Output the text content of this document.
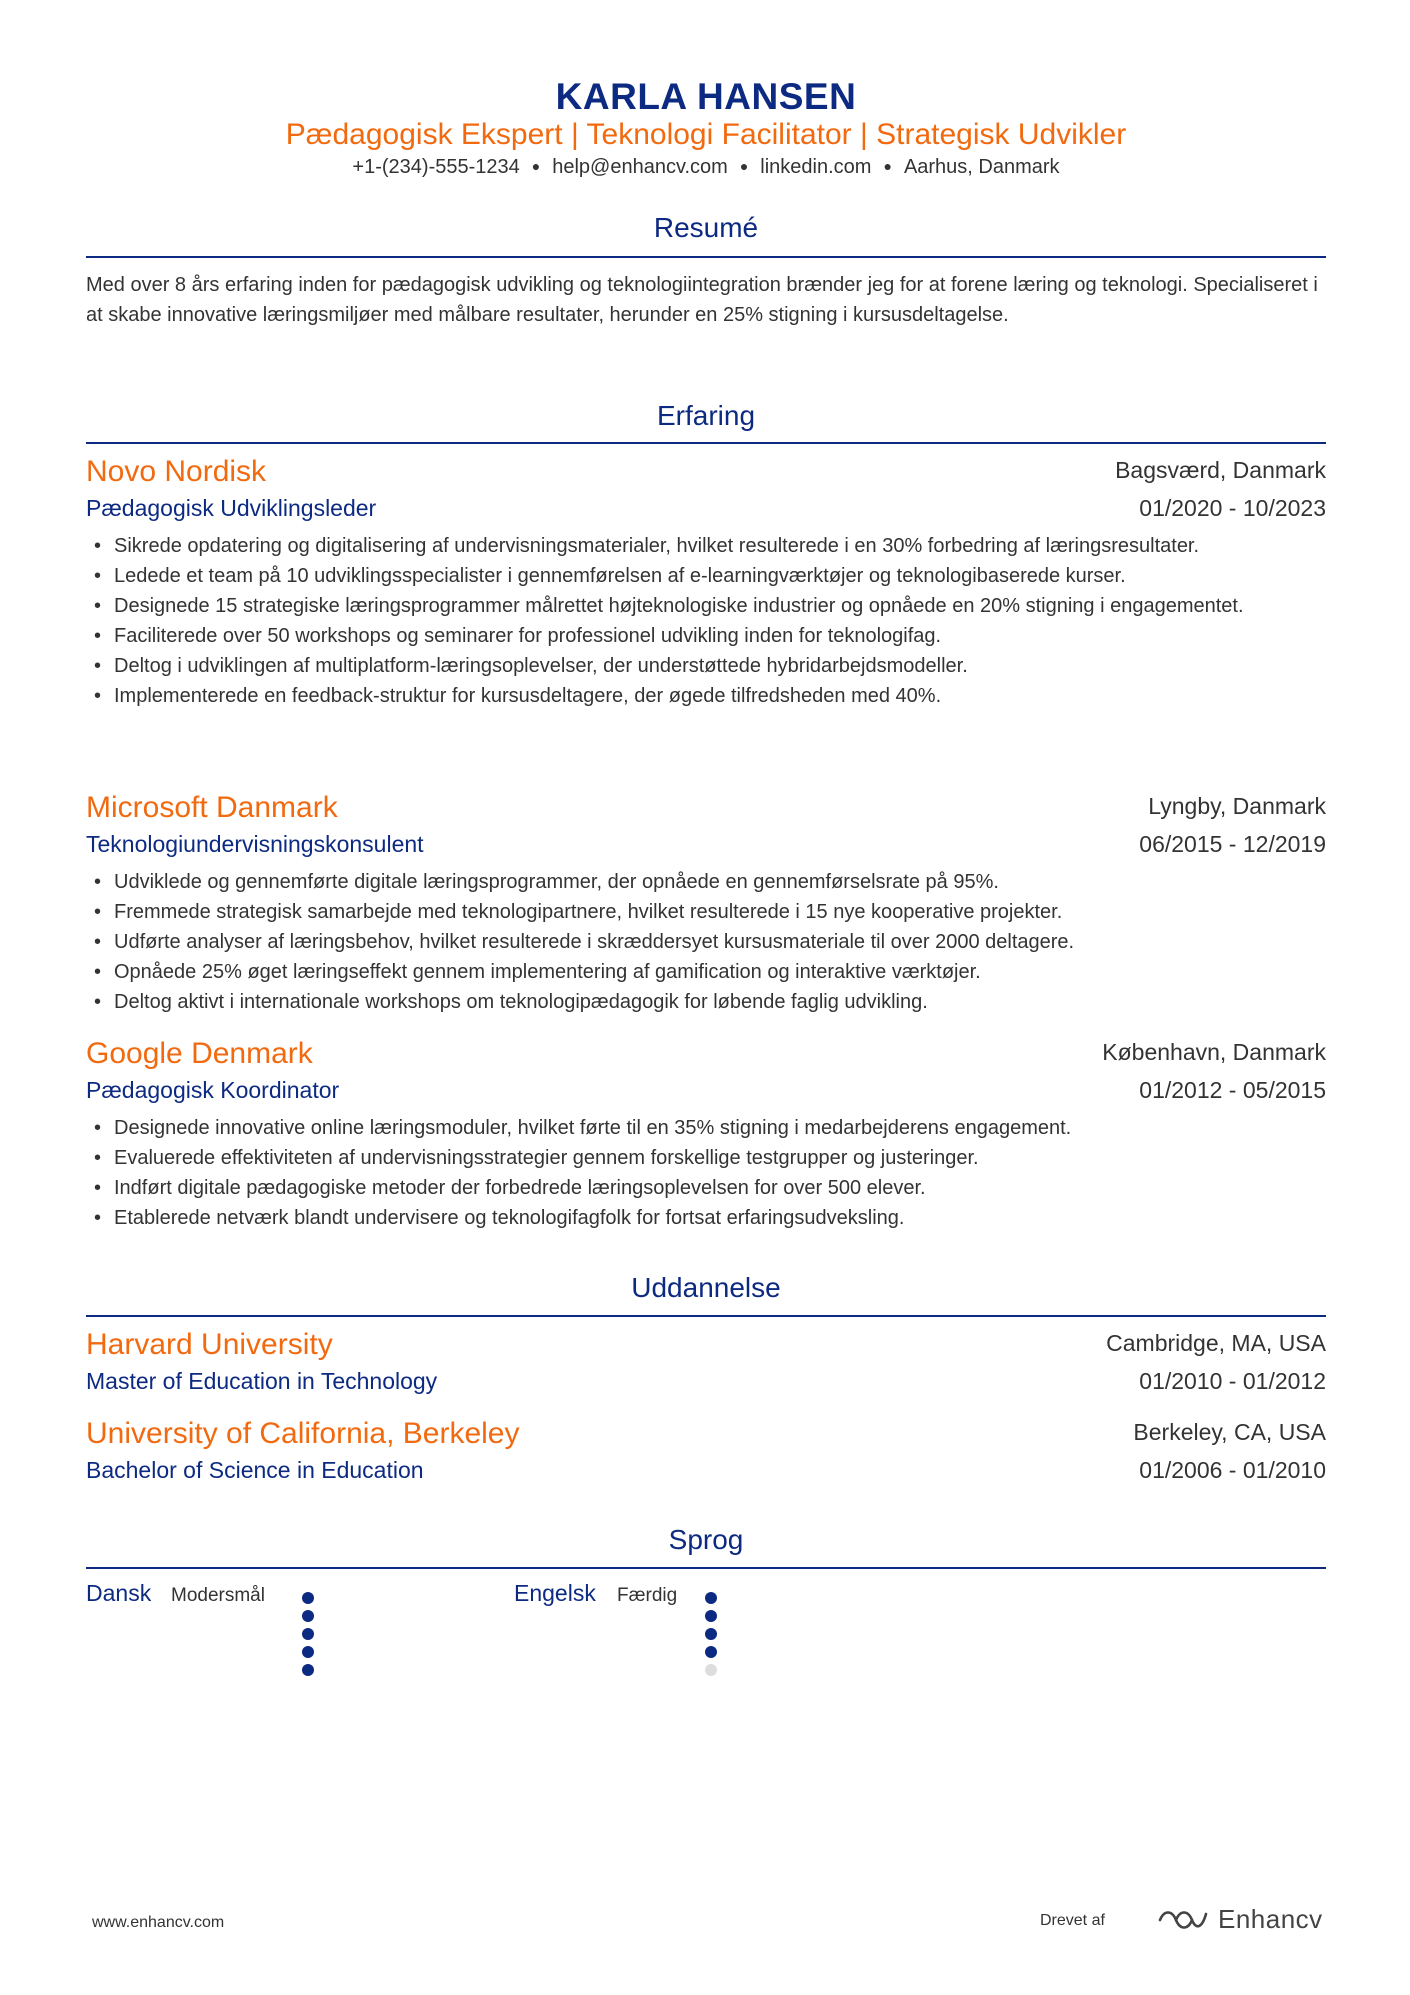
KARLA HANSEN
Pædagogisk Ekspert | Teknologi Facilitator | Strategisk Udvikler
+1-(234)-555-1234 ● help@enhancv.com ● linkedin.com ● Aarhus, Danmark
Resumé
Med over 8 års erfaring inden for pædagogisk udvikling og teknologiintegration brænder jeg for at forene læring og teknologi. Specialiseret i at skabe innovative læringsmiljøer med målbare resultater, herunder en 25% stigning i kursusdeltagelse.
Erfaring
Novo Nordisk	Bagsværd, Danmark
Pædagogisk Udviklingsleder	01/2020 - 10/2023
• Sikrede opdatering og digitalisering af undervisningsmaterialer, hvilket resulterede i en 30% forbedring af læringsresultater.
• Ledede et team på 10 udviklingsspecialister i gennemførelsen af e-learningværktøjer og teknologibaserede kurser.
• Designede 15 strategiske læringsprogrammer målrettet højteknologiske industrier og opnåede en 20% stigning i engagementet.
• Faciliterede over 50 workshops og seminarer for professionel udvikling inden for teknologifag.
• Deltog i udviklingen af multiplatform-læringsoplevelser, der understøttede hybridarbejdsmodeller.
• Implementerede en feedback-struktur for kursusdeltagere, der øgede tilfredsheden med 40%.
Microsoft Danmark	Lyngby, Danmark
Teknologiundervisningskonsulent	06/2015 - 12/2019
• Udviklede og gennemførte digitale læringsprogrammer, der opnåede en gennemførselsrate på 95%.
• Fremmede strategisk samarbejde med teknologipartnere, hvilket resulterede i 15 nye kooperative projekter.
• Udførte analyser af læringsbehov, hvilket resulterede i skræddersyet kursusmateriale til over 2000 deltagere.
• Opnåede 25% øget læringseffekt gennem implementering af gamification og interaktive værktøjer.
• Deltog aktivt i internationale workshops om teknologipædagogik for løbende faglig udvikling.
Google Denmark	København, Danmark
Pædagogisk Koordinator	01/2012 - 05/2015
• Designede innovative online læringsmoduler, hvilket førte til en 35% stigning i medarbejderens engagement.
• Evaluerede effektiviteten af undervisningsstrategier gennem forskellige testgrupper og justeringer.
• Indført digitale pædagogiske metoder der forbedrede læringsoplevelsen for over 500 elever.
• Etablerede netværk blandt undervisere og teknologifagfolk for fortsat erfaringsudveksling.
Uddannelse
Harvard University	Cambridge, MA, USA
Master of Education in Technology	01/2010 - 01/2012
University of California, Berkeley	Berkeley, CA, USA
Bachelor of Science in Education	01/2006 - 01/2010
Sprog
Dansk Modersmål	Engelsk Færdig
www.enhancv.com	Drevet af	Enhancv
